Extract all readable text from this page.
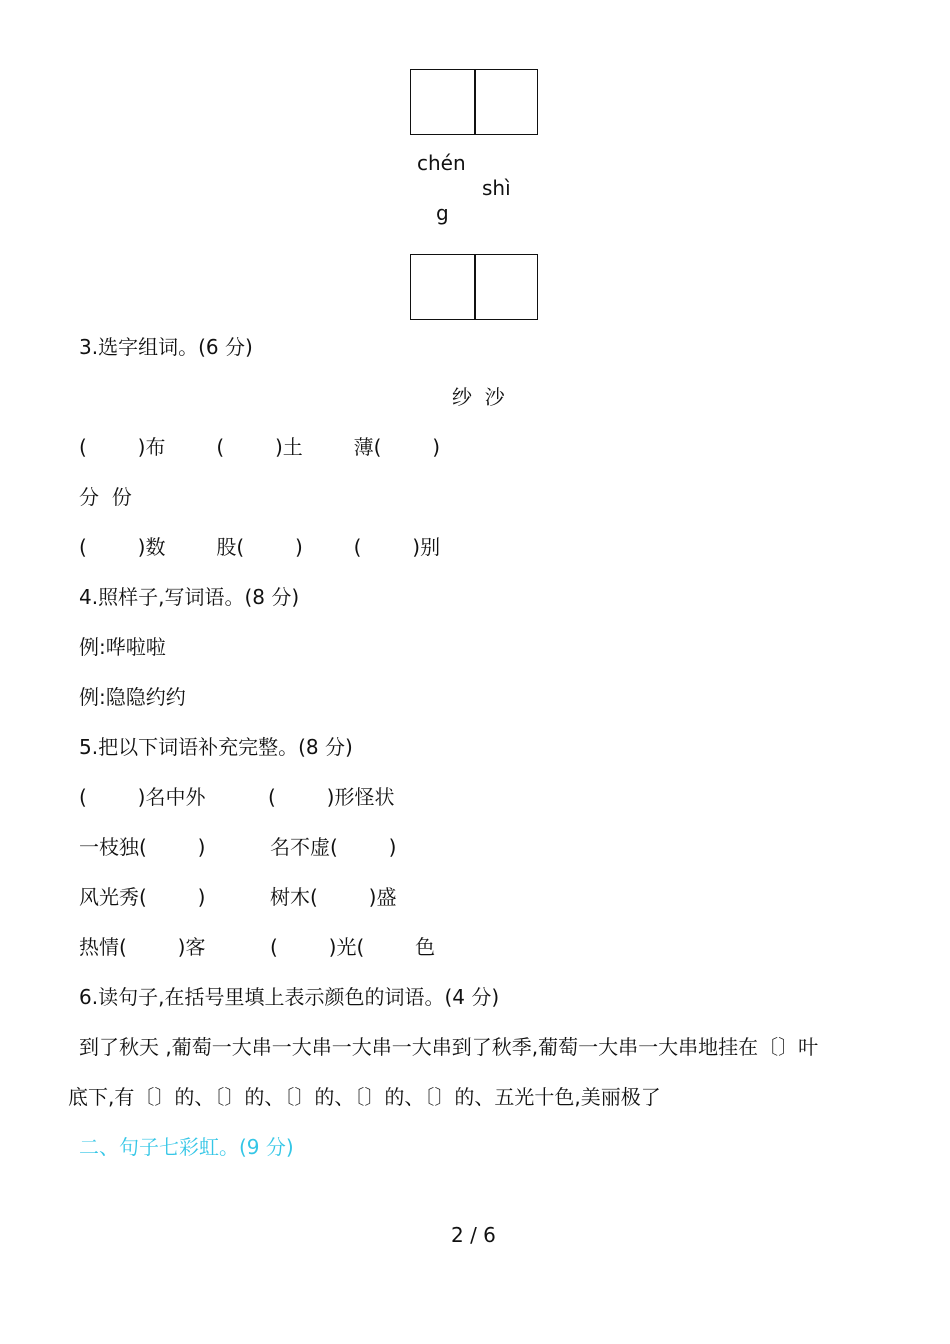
chén
shì
g
3.选字组词。(6 分)
纱  沙
(        )布        (        )土        薄(        )
分  份
(        )数        股(        )        (        )别
4.照样子,写词语。(8 分)
例:哗啦啦
例:隐隐约约
5.把以下词语补充完整。(8 分)
(        )名中外	(        )形怪状
一枝独(        )	名不虚(        )
风光秀(        )	树木(        )盛
热情(        )客	(        )光(        色
6.读句子,在括号里填上表示颜色的词语。(4 分)
到了秋天 ,葡萄一大串一大串一大串一大串到了秋季,葡萄一大串一大串地挂在〔〕叶
底下,有〔〕的、〔〕的、〔〕的、〔〕的、〔〕的、五光十色,美丽极了
二、句子七彩虹。(9 分)
2 / 6
